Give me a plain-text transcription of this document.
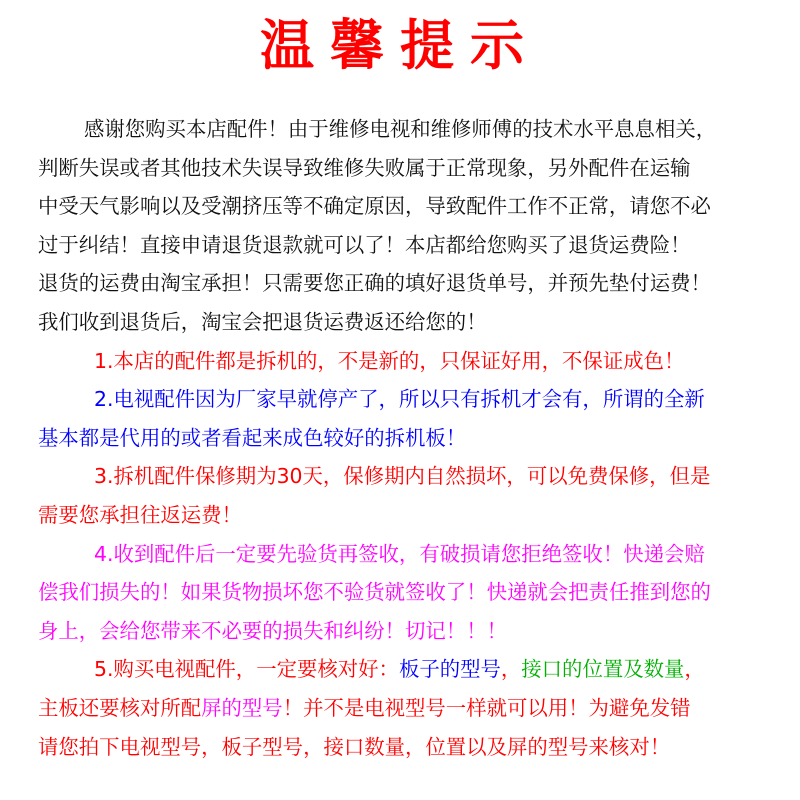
温馨提示
感谢您购买本店配件！由于维修电视和维修师傅的技术水平息息相关，
判断失误或者其他技术失误导致维修失败属于正常现象，另外配件在运输
中受天气影响以及受潮挤压等不确定原因，导致配件工作不正常，请您不必
过于纠结！直接申请退货退款就可以了！本店都给您购买了退货运费险！
退货的运费由淘宝承担！只需要您正确的填好退货单号，并预先垫付运费！
我们收到退货后，淘宝会把退货运费返还给您的！
1.本店的配件都是拆机的，不是新的，只保证好用，不保证成色！
2.电视配件因为厂家早就停产了，所以只有拆机才会有，所谓的全新
基本都是代用的或者看起来成色较好的拆机板！
3.拆机配件保修期为30天，保修期内自然损坏，可以免费保修，但是
需要您承担往返运费！
4.收到配件后一定要先验货再签收，有破损请您拒绝签收！快递会赔
偿我们损失的！如果货物损坏您不验货就签收了！快递就会把责任推到您的
身上，会给您带来不必要的损失和纠纷！切记！！！
5.购买电视配件，一定要核对好：板子的型号，接口的位置及数量，
主板还要核对所配屏的型号！并不是电视型号一样就可以用！为避免发错
请您拍下电视型号，板子型号，接口数量，位置以及屏的型号来核对！
